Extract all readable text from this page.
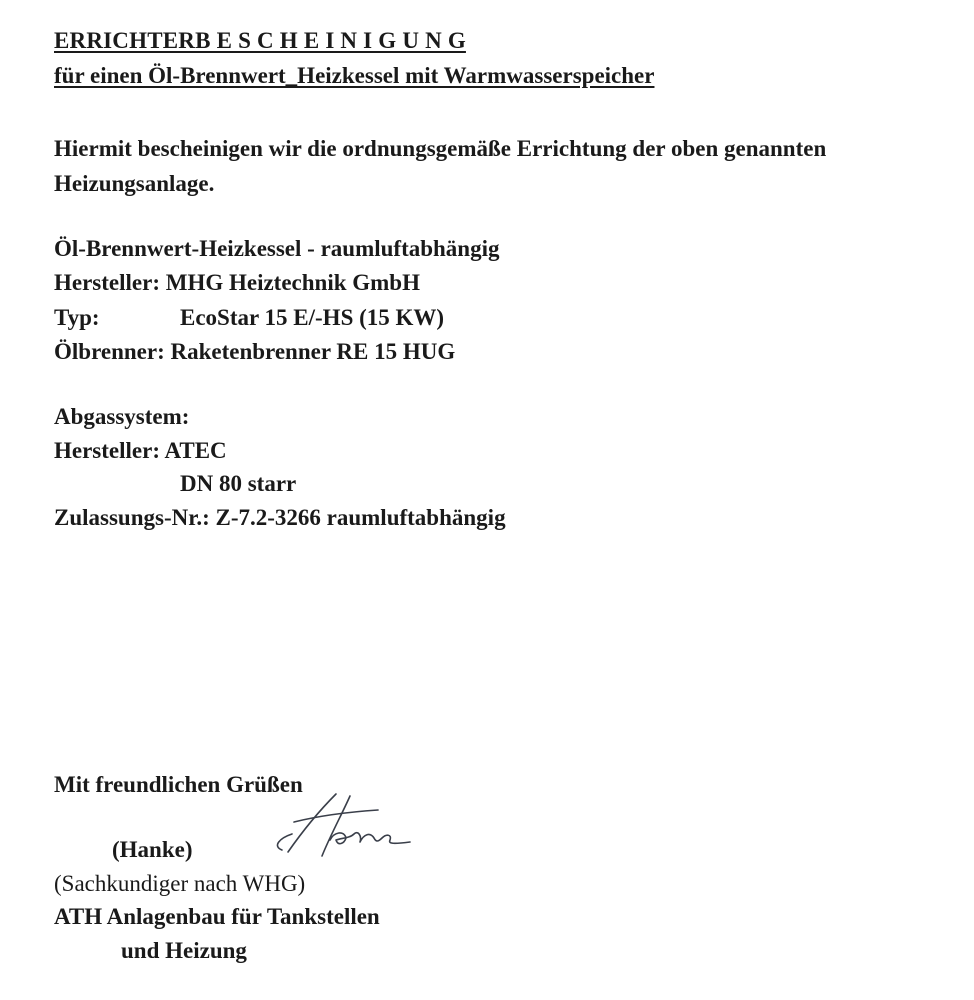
ERRICHTERB E S C H E I N I G U N G
für einen Öl-Brennwert_Heizkessel mit Warmwasserspeicher
Hiermit bescheinigen wir die ordnungsgemäße Errichtung der oben genannten
Heizungsanlage.
Öl-Brennwert-Heizkessel - raumluftabhängig
Hersteller: MHG Heiztechnik GmbH
Typ:	EcoStar 15 E/-HS (15 KW)
Ölbrenner: Raketenbrenner RE 15 HUG
Abgassystem:
Hersteller: ATEC
DN 80 starr
Zulassungs-Nr.: Z-7.2-3266 raumluftabhängig
Mit freundlichen Grüßen
(Hanke)
(Sachkundiger nach WHG)
ATH Anlagenbau für Tankstellen
und Heizung
